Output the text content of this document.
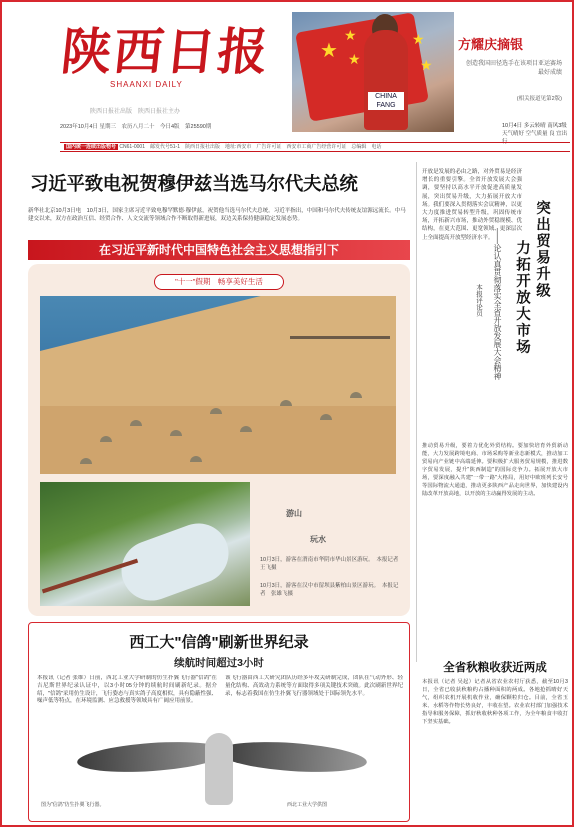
陕西日报
SHAANXI DAILY
陕西日报社出版　陕西日报社主办
2023年10月4日 星期三　农历八月二十　今日4版　第25590期
★
★
★
★
★
CHINA
FANG
方耀庆摘银
创造我国田径选手在该项目亚运赛场最好成绩
(相关报道见第2版)
10月4日 多云转晴 南风3级 天气晴好 空气质量 良 宜出行
国内统一连续出版物号 CN61-0001　邮发代号51-1　陕西日报社出版　地址:西安市　广告许可证　西安市工商广告经营许可证　总编辑　电话
习近平致电祝贺穆伊兹当选马尔代夫总统

新华社北京10月3日电　10月3日，国家主席习近平致电穆罕默德·穆伊兹，祝贺他当选马尔代夫总统。习近平指出，中国和马尔代夫传统友谊源远流长。中马建交以来，双方在政治互信、经贸合作、人文交流等领域合作不断取得新进展，双边关系保持健康稳定发展态势。

在习近平新时代中国特色社会主义思想指引下
"十一"假期　畅享美好生活
游山
玩水
10月3日，游客在渭南市华阴市华山景区游玩。　本报记者　王飞摄
10月3日，游客在汉中市留坝县紫柏山景区游玩。　本报记者　张雄飞摄
西工大"信鸽"刷新世界纪录
续航时间超过3小时
本报讯（记者 张维）日前，西北工业大学研制的仿生扑翼飞行器"信鸽"在吉尼斯世界纪录认证中，以3小时05分钟的续航时间刷新纪录。据介绍，"信鸽"采用仿生设计，飞行姿态与真实鸽子高度相似，具有隐蔽性强、噪声低等特点，在环境监测、应急救援等领域具有广阔应用前景。
该飞行器由西工大研究团队历经多年攻关研制完成，团队在气动外形、轻量化结构、高效动力系统等方面取得多项关键技术突破。此次刷新世界纪录，标志着我国在仿生扑翼飞行器领域处于国际领先水平。
图为"信鸽"仿生扑翼飞行器。	西北工业大学供图
开放是发展的必由之路，对外贸易是经济增长的重要引擎。全省开放发展大会强调，要坚持以高水平开放促进高质量发展，突出贸易升级，大力拓展开放大市场。我们要深入贯彻落实会议精神，以更大力度推进贸易转型升级，巩固传统市场，开拓新兴市场，推动外贸稳规模、优结构，在更大范围、更宽领域、更深层次上全面提高开放型经济水平。	突出贸易升级
力拓开放大市场
——论认真贯彻落实全省开放发展大会精神
本报评论员
推动贸易升级，要着力优化外贸结构。要加快培育外贸新动能，大力发展跨境电商、市场采购等新业态新模式，推动加工贸易向产业链中高端延伸。要积极扩大服务贸易规模，推进数字贸易发展，提升"陕西制造"的国际竞争力。拓展开放大市场，要深度融入共建"一带一路"大格局，用好中欧班列长安号等国际物流大通道，推动更多陕西产品走向世界，加快建设内陆改革开放高地，以开放的主动赢得发展的主动。
全省秋粮收获近两成
本报讯（记者 吴起）记者从省农业农村厅获悉，截至10月3日，全省已收获秋粮约占播种面积的两成。各地抢抓晴好天气，组织农机开展机收作业，确保颗粒归仓。目前，全省玉米、水稻等作物长势良好，丰收在望。农业农村部门加强技术指导和服务保障，抓好秋收秋种各项工作，为全年粮食丰收打下坚实基础。
